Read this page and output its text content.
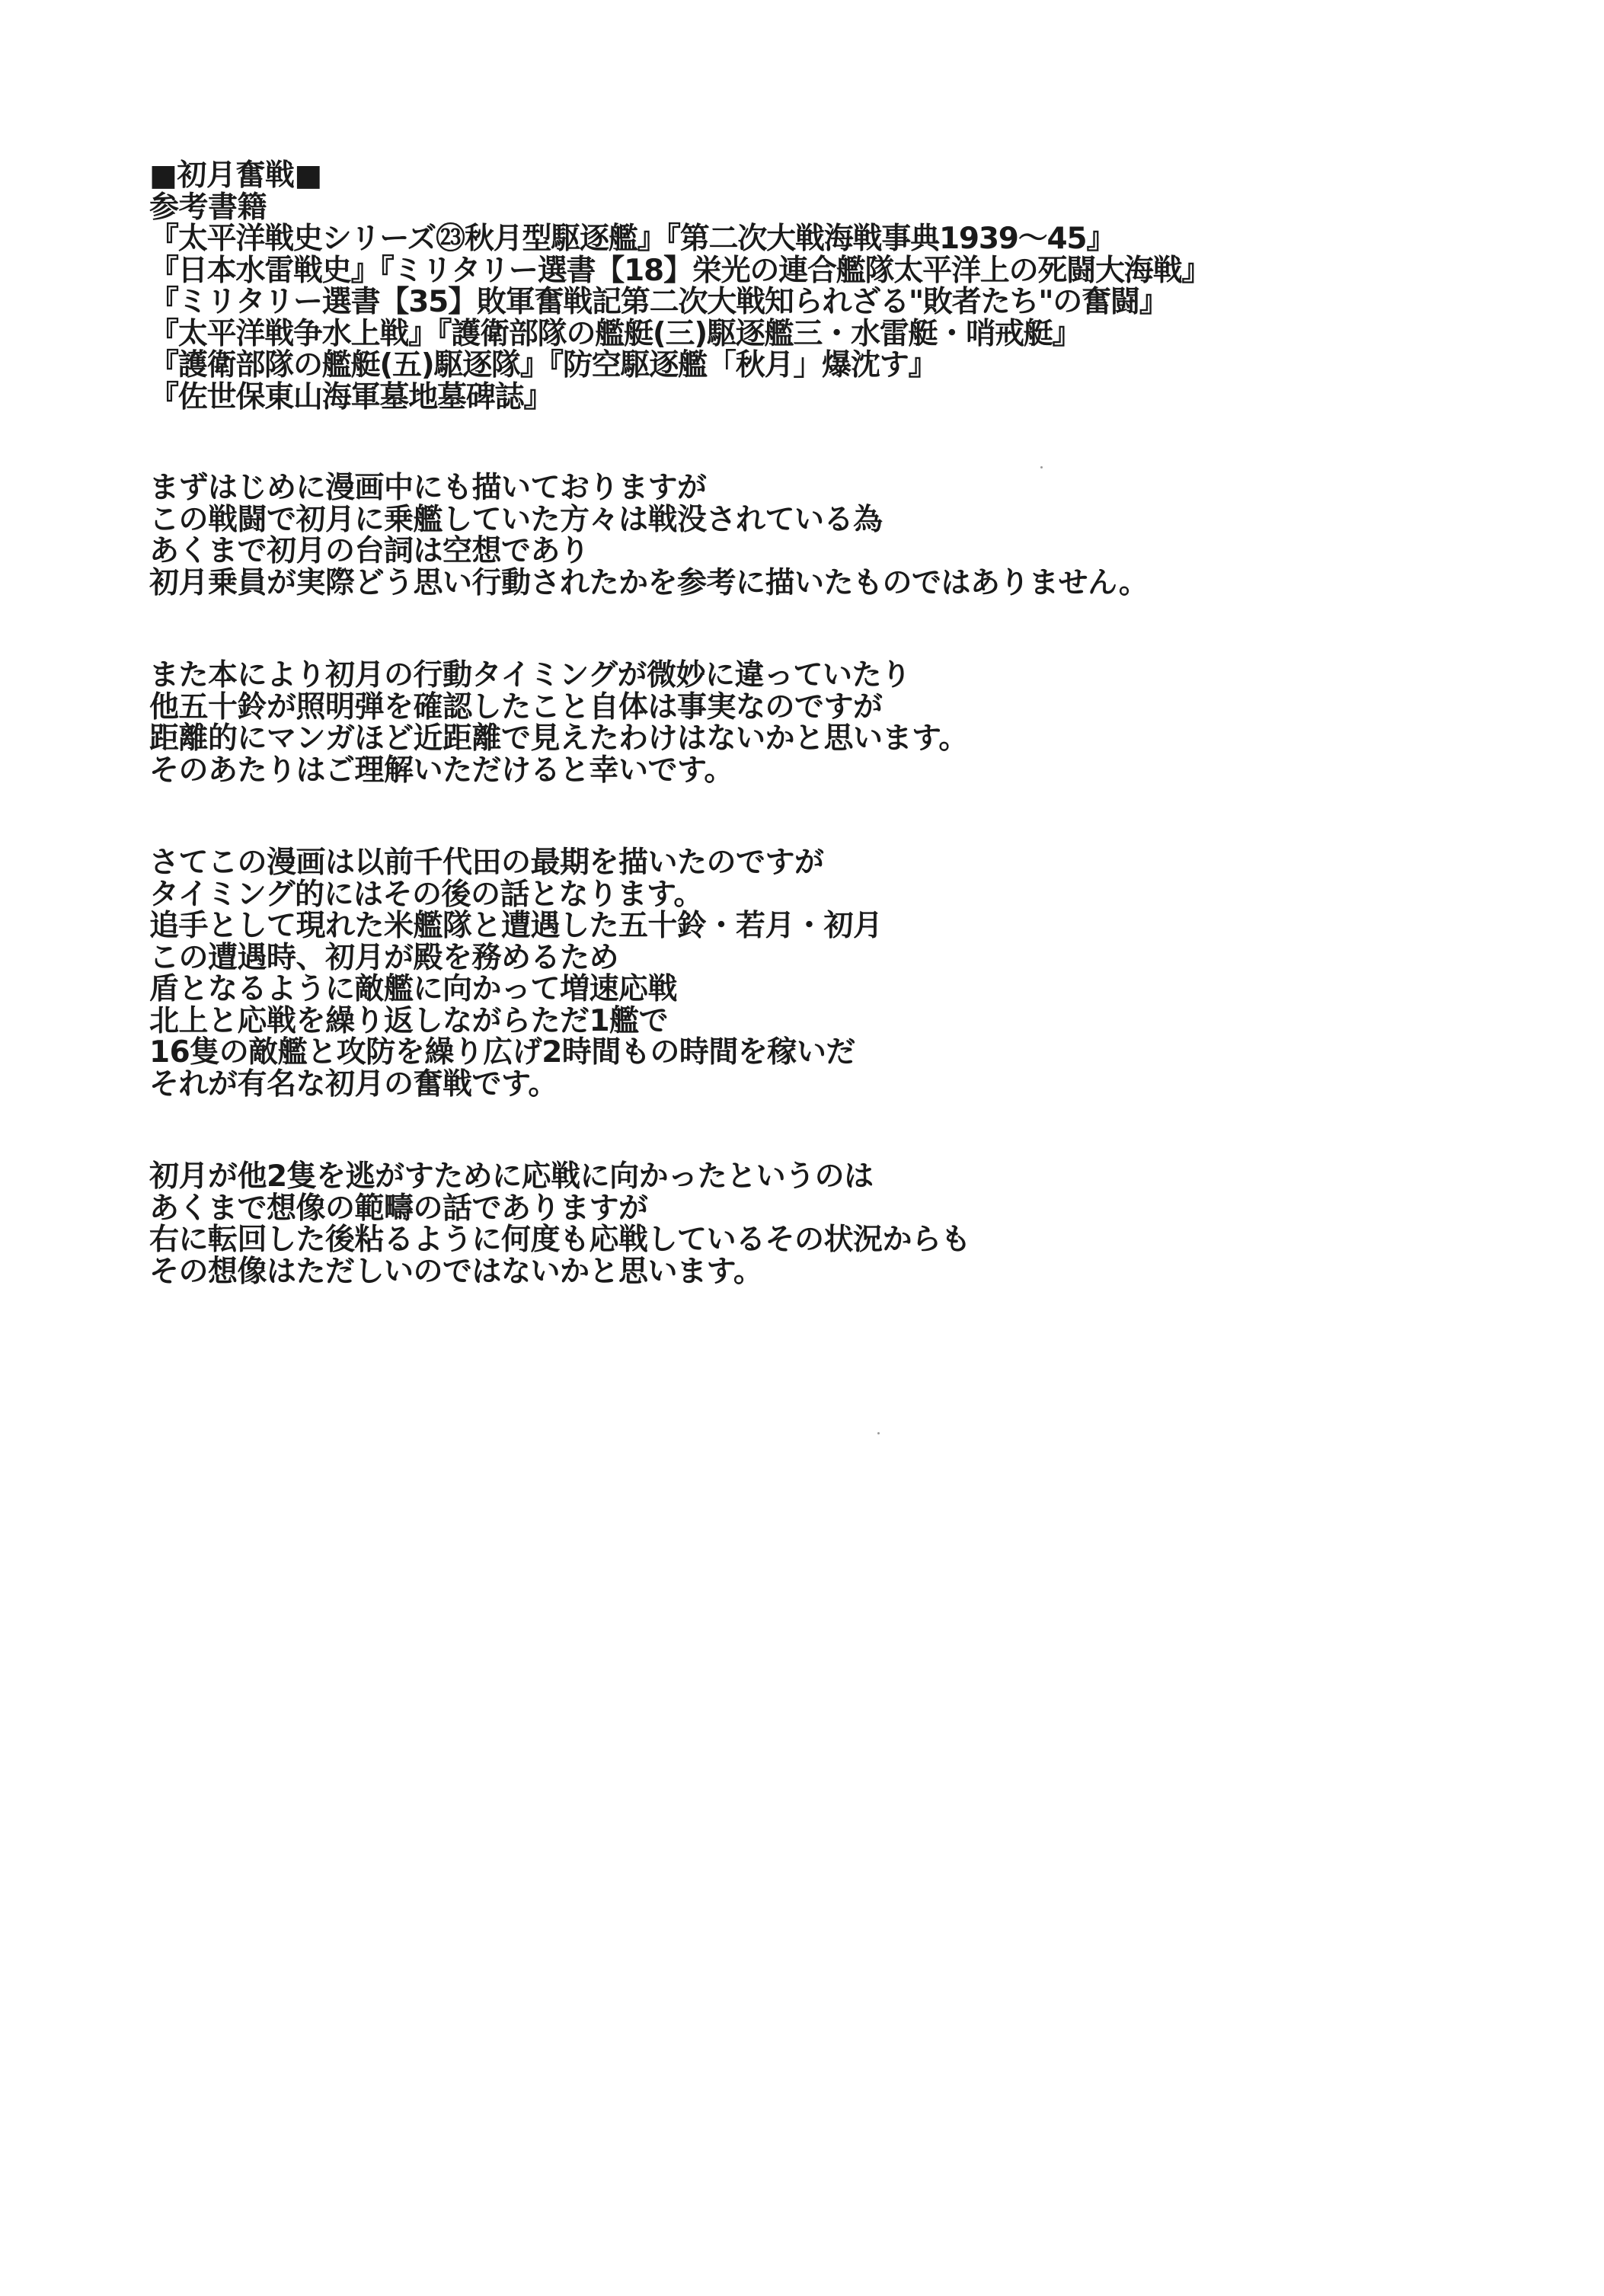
■初月奮戦■
参考書籍
『太平洋戦史シリーズ㉓秋月型駆逐艦』『第二次大戦海戦事典1939～45』
『日本水雷戦史』『ミリタリー選書【18】栄光の連合艦隊太平洋上の死闘大海戦』
『ミリタリー選書【35】敗軍奮戦記第二次大戦知られざる"敗者たち"の奮闘』
『太平洋戦争水上戦』『護衛部隊の艦艇(三)駆逐艦三・水雷艇・哨戒艇』
『護衛部隊の艦艇(五)駆逐隊』『防空駆逐艦「秋月」爆沈す』
『佐世保東山海軍墓地墓碑誌』
まずはじめに漫画中にも描いておりますが
この戦闘で初月に乗艦していた方々は戦没されている為
あくまで初月の台詞は空想であり
初月乗員が実際どう思い行動されたかを参考に描いたものではありません。
また本により初月の行動タイミングが微妙に違っていたり
他五十鈴が照明弾を確認したこと自体は事実なのですが
距離的にマンガほど近距離で見えたわけはないかと思います。
そのあたりはご理解いただけると幸いです。
さてこの漫画は以前千代田の最期を描いたのですが
タイミング的にはその後の話となります。
追手として現れた米艦隊と遭遇した五十鈴・若月・初月
この遭遇時、初月が殿を務めるため
盾となるように敵艦に向かって増速応戦
北上と応戦を繰り返しながらただ1艦で
16隻の敵艦と攻防を繰り広げ2時間もの時間を稼いだ
それが有名な初月の奮戦です。
初月が他2隻を逃がすために応戦に向かったというのは
あくまで想像の範疇の話でありますが
右に転回した後粘るように何度も応戦しているその状況からも
その想像はただしいのではないかと思います。
